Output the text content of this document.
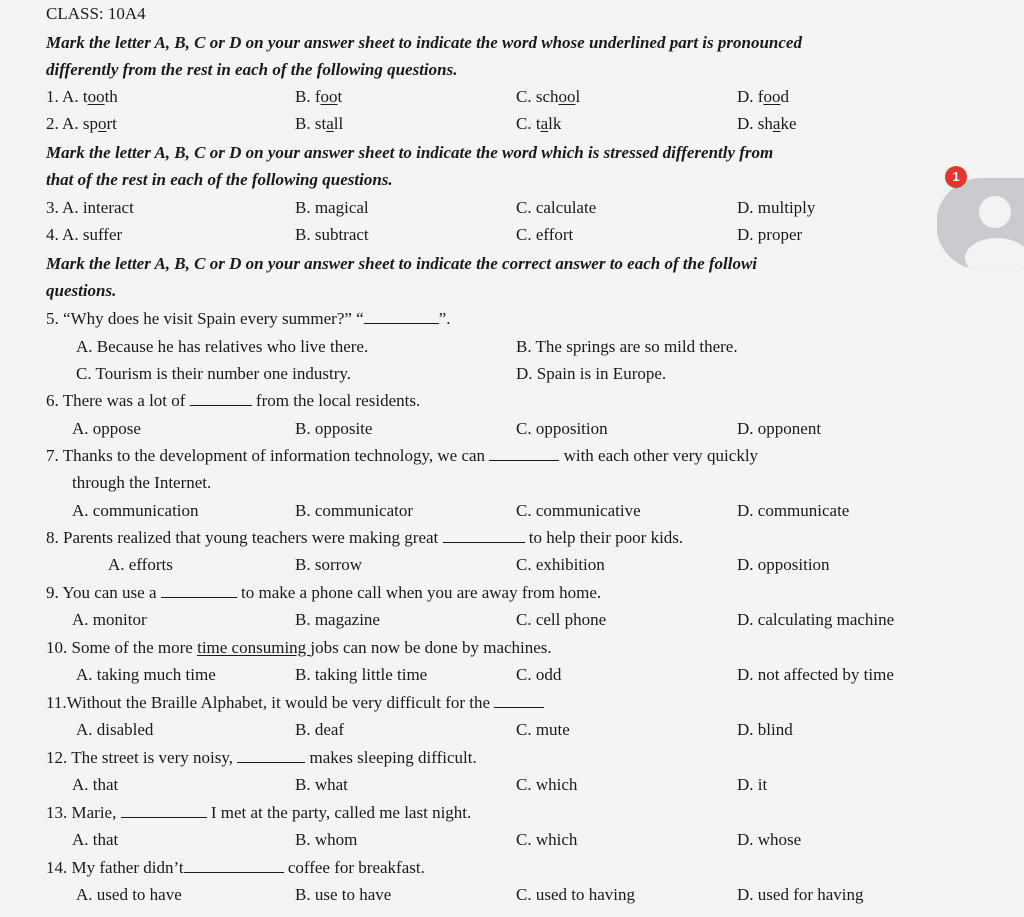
CLASS: 10A4
Mark the letter A, B, C or D on your answer sheet to indicate the word whose underlined part is pronounced
differently from the rest in each of the following questions.
1. A. tooth	B. foot	C. school	D. food
2. A. sport	B. stall	C. talk	D. shake
Mark the letter A, B, C or D on your answer sheet to indicate the word which is stressed differently from
that of the rest in each of the following questions.
3. A. interact	B. magical	C. calculate	D. multiply
4. A. suffer	B. subtract	C. effort	D. proper
Mark the letter A, B, C or D on your answer sheet to indicate the correct answer to each of the followi
questions.
5. “Why does he visit Spain every summer?” “	”.
A. Because he has relatives who live there.	B. The springs are so mild there.
C. Tourism is their number one industry.	D. Spain is in Europe.
6. There was a lot of	from the local residents.
A. oppose	B. opposite	C. opposition	D. opponent
7. Thanks to the development of information technology, we can	with each other very quickly
through the Internet.
A. communication	B. communicator	C. communicative	D. communicate
8. Parents realized that young teachers were making great	to help their poor kids.
A. efforts	B. sorrow	C. exhibition	D. opposition
9. You can use a	to make a phone call when you are away from home.
A. monitor	B. magazine	C. cell phone	D. calculating machine
10. Some of the more time consuming jobs can now be done by machines.
A. taking much time	B. taking little time	C. odd	D. not affected by time
11.Without the Braille Alphabet, it would be very difficult for the
A. disabled	B. deaf	C. mute	D. blind
12. The street is very noisy,	makes sleeping difficult.
A. that	B. what	C. which	D. it
13. Marie,	I met at the party, called me last night.
A. that	B. whom	C. which	D. whose
14. My father didn’t	coffee for breakfast.
A. used to have	B. use to have	C. used to having	D. used for having
1
